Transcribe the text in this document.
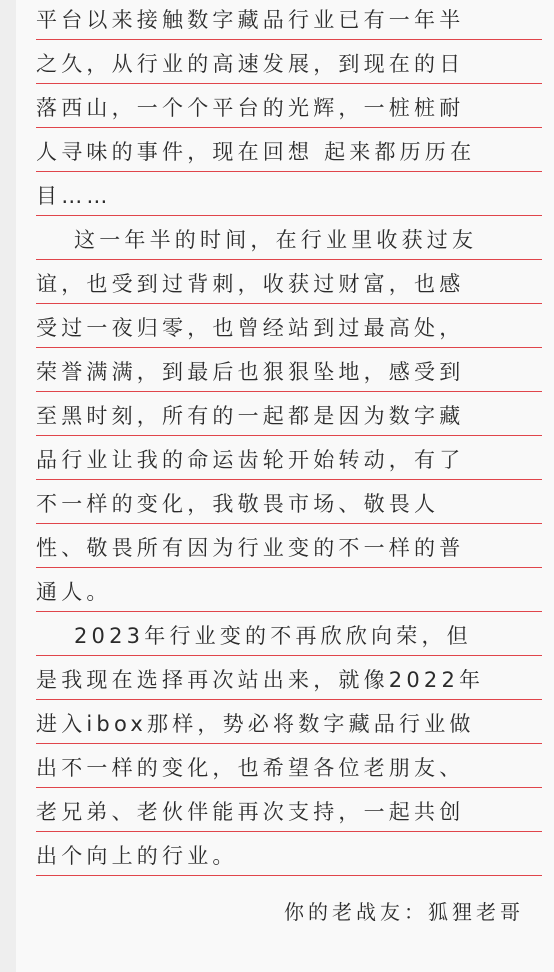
平台以来接触数字藏品行业已有一年半
之久，从行业的高速发展，到现在的日
落西山，一个个平台的光辉，一桩桩耐
人寻味的事件，现在回想 起来都历历在
目……
这一年半的时间，在行业里收获过友
谊，也受到过背刺，收获过财富，也感
受过一夜归零，也曾经站到过最高处，
荣誉满满，到最后也狠狠坠地，感受到
至黑时刻，所有的一起都是因为数字藏
品行业让我的命运齿轮开始转动，有了
不一样的变化，我敬畏市场、敬畏人
性、敬畏所有因为行业变的不一样的普
通人。
2023年行业变的不再欣欣向荣，但
是我现在选择再次站出来，就像2022年
进入ibox那样，势必将数字藏品行业做
出不一样的变化，也希望各位老朋友、
老兄弟、老伙伴能再次支持，一起共创
出个向上的行业。
你的老战友：狐狸老哥
